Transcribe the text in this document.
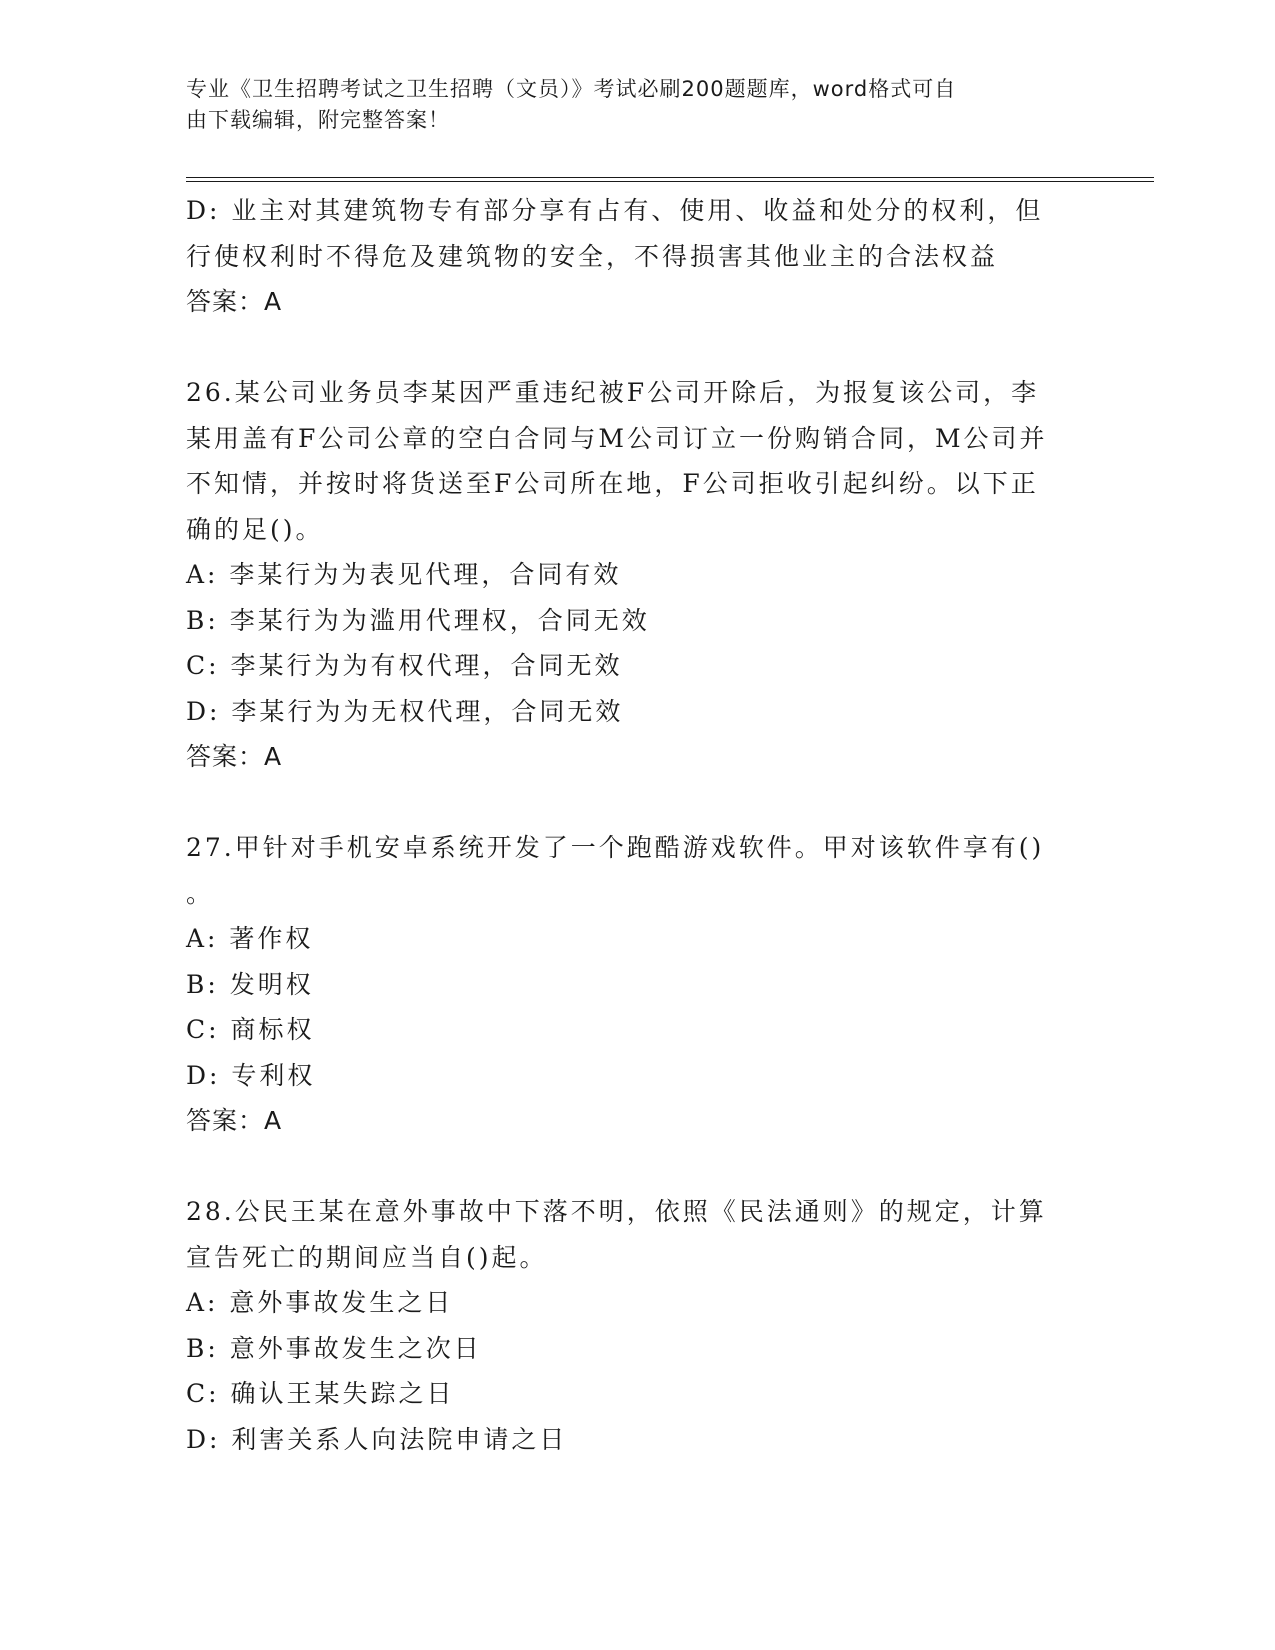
专业《卫生招聘考试之卫生招聘（文员）》考试必刷200题题库，word格式可自
由下载编辑，附完整答案！
D: 业主对其建筑物专有部分享有占有、使用、收益和处分的权利，但
行使权利时不得危及建筑物的安全，不得损害其他业主的合法权益
答案：A
26.某公司业务员李某因严重违纪被F公司开除后，为报复该公司，李
某用盖有F公司公章的空白合同与M公司订立一份购销合同，M公司并
不知情，并按时将货送至F公司所在地，F公司拒收引起纠纷。以下正
确的足()。
A: 李某行为为表见代理，合同有效
B: 李某行为为滥用代理权，合同无效
C: 李某行为为有权代理，合同无效
D: 李某行为为无权代理，合同无效
答案：A
27.甲针对手机安卓系统开发了一个跑酷游戏软件。甲对该软件享有()
。
A: 著作权
B: 发明权
C: 商标权
D: 专利权
答案：A
28.公民王某在意外事故中下落不明，依照《民法通则》的规定，计算
宣告死亡的期间应当自()起。
A: 意外事故发生之日
B: 意外事故发生之次日
C: 确认王某失踪之日
D: 利害关系人向法院申请之日
